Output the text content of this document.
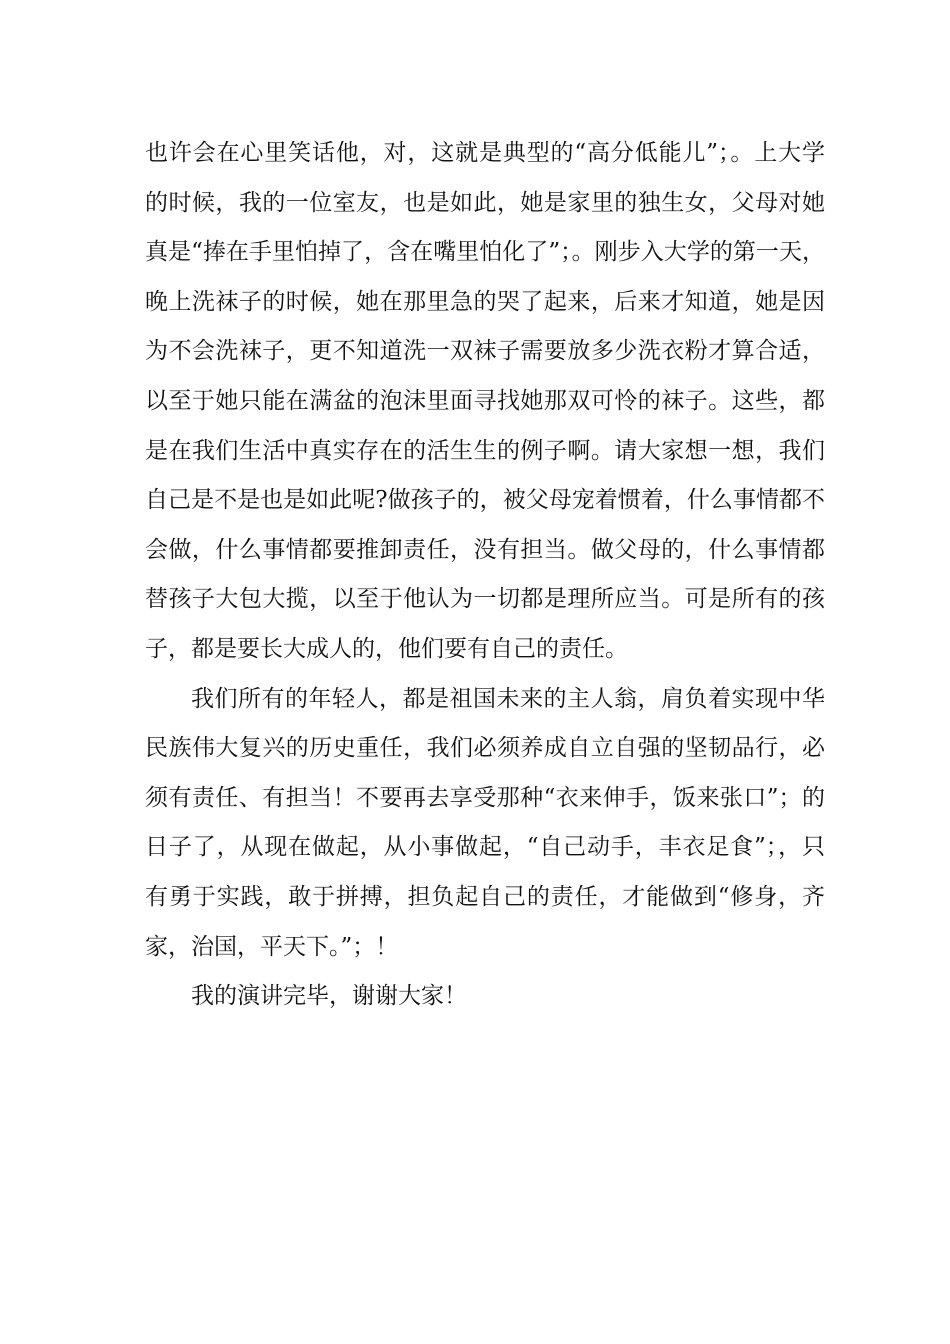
也许会在心里笑话他，对，这就是典型的“高分低能儿”；。上大学
的时候，我的一位室友，也是如此，她是家里的独生女，父母对她
真是“捧在手里怕掉了，含在嘴里怕化了”；。刚步入大学的第一天，
晚上洗袜子的时候，她在那里急的哭了起来，后来才知道，她是因
为不会洗袜子，更不知道洗一双袜子需要放多少洗衣粉才算合适，
以至于她只能在满盆的泡沫里面寻找她那双可怜的袜子。这些，都
是在我们生活中真实存在的活生生的例子啊。请大家想一想，我们
自己是不是也是如此呢?做孩子的，被父母宠着惯着，什么事情都不
会做，什么事情都要推卸责任，没有担当。做父母的，什么事情都
替孩子大包大揽，以至于他认为一切都是理所应当。可是所有的孩
子，都是要长大成人的，他们要有自己的责任。
我们所有的年轻人，都是祖国未来的主人翁，肩负着实现中华
民族伟大复兴的历史重任，我们必须养成自立自强的坚韧品行，必
须有责任、有担当！不要再去享受那种“衣来伸手，饭来张口”；的
日子了，从现在做起，从小事做起，“自己动手，丰衣足食”；，只
有勇于实践，敢于拼搏，担负起自己的责任，才能做到“修身，齐
家，治国，平天下。”；！
我的演讲完毕，谢谢大家！
